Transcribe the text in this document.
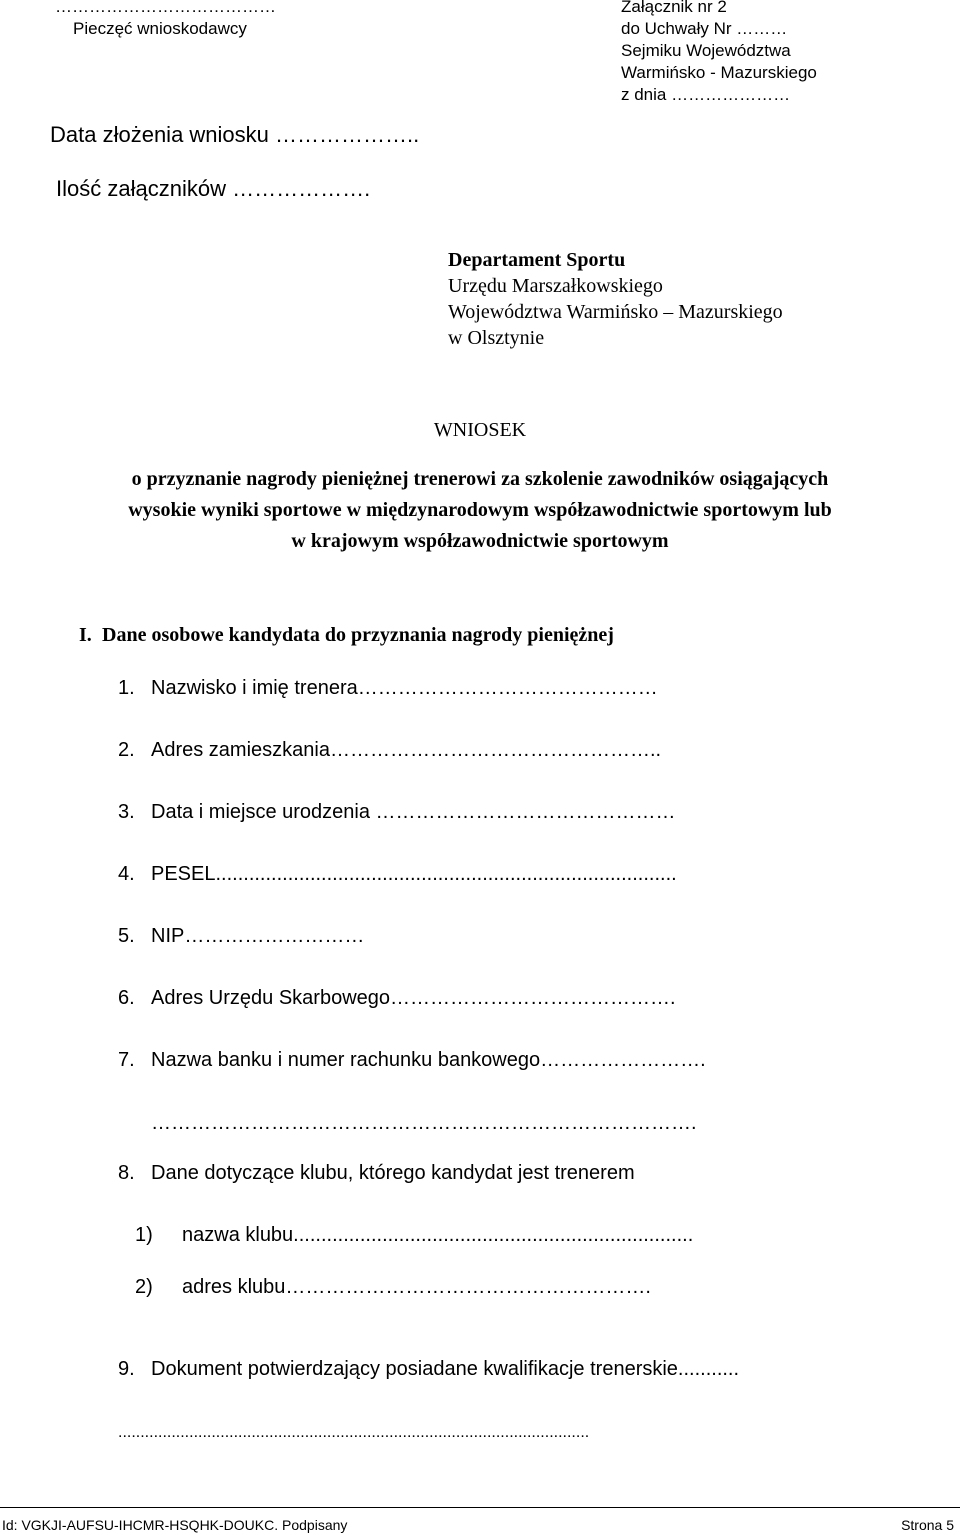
…………………………………
Pieczęć wnioskodawcy
Załącznik nr 2
do Uchwały Nr ………
Sejmiku Województwa
Warmińsko - Mazurskiego
z dnia …………………
Data złożenia wniosku ………………..
Ilość załączników ……………….
Departament Sportu
Urzędu Marszałkowskiego
Województwa Warmińsko – Mazurskiego
w Olsztynie
WNIOSEK
o przyznanie nagrody pieniężnej trenerowi za szkolenie zawodników osiągających
wysokie wyniki sportowe w międzynarodowym współzawodnictwie sportowym lub
w krajowym współzawodnictwie sportowym
I. Dane osobowe kandydata do przyznania nagrody pieniężnej
1. Nazwisko i imię trenera………………………………………
2. Adres zamieszkania…………………………………………..
3. Data i miejsce urodzenia ………………………………………
4. PESEL...................................................................................
5. NIP………………………
6. Adres Urzędu Skarbowego…………………………………….
7. Nazwa banku i numer rachunku bankowego…………………….
……………………………………………………………………….
8. Dane dotyczące klubu, którego kandydat jest trenerem
1) nazwa klubu........................................................................
2) adres klubu……………………………………………….
9. Dokument potwierdzający posiadane kwalifikacje trenerskie...........
..........................................................................................................
Id: VGKJI-AUFSU-IHCMR-HSQHK-DOUKC. Podpisany	Strona 5
